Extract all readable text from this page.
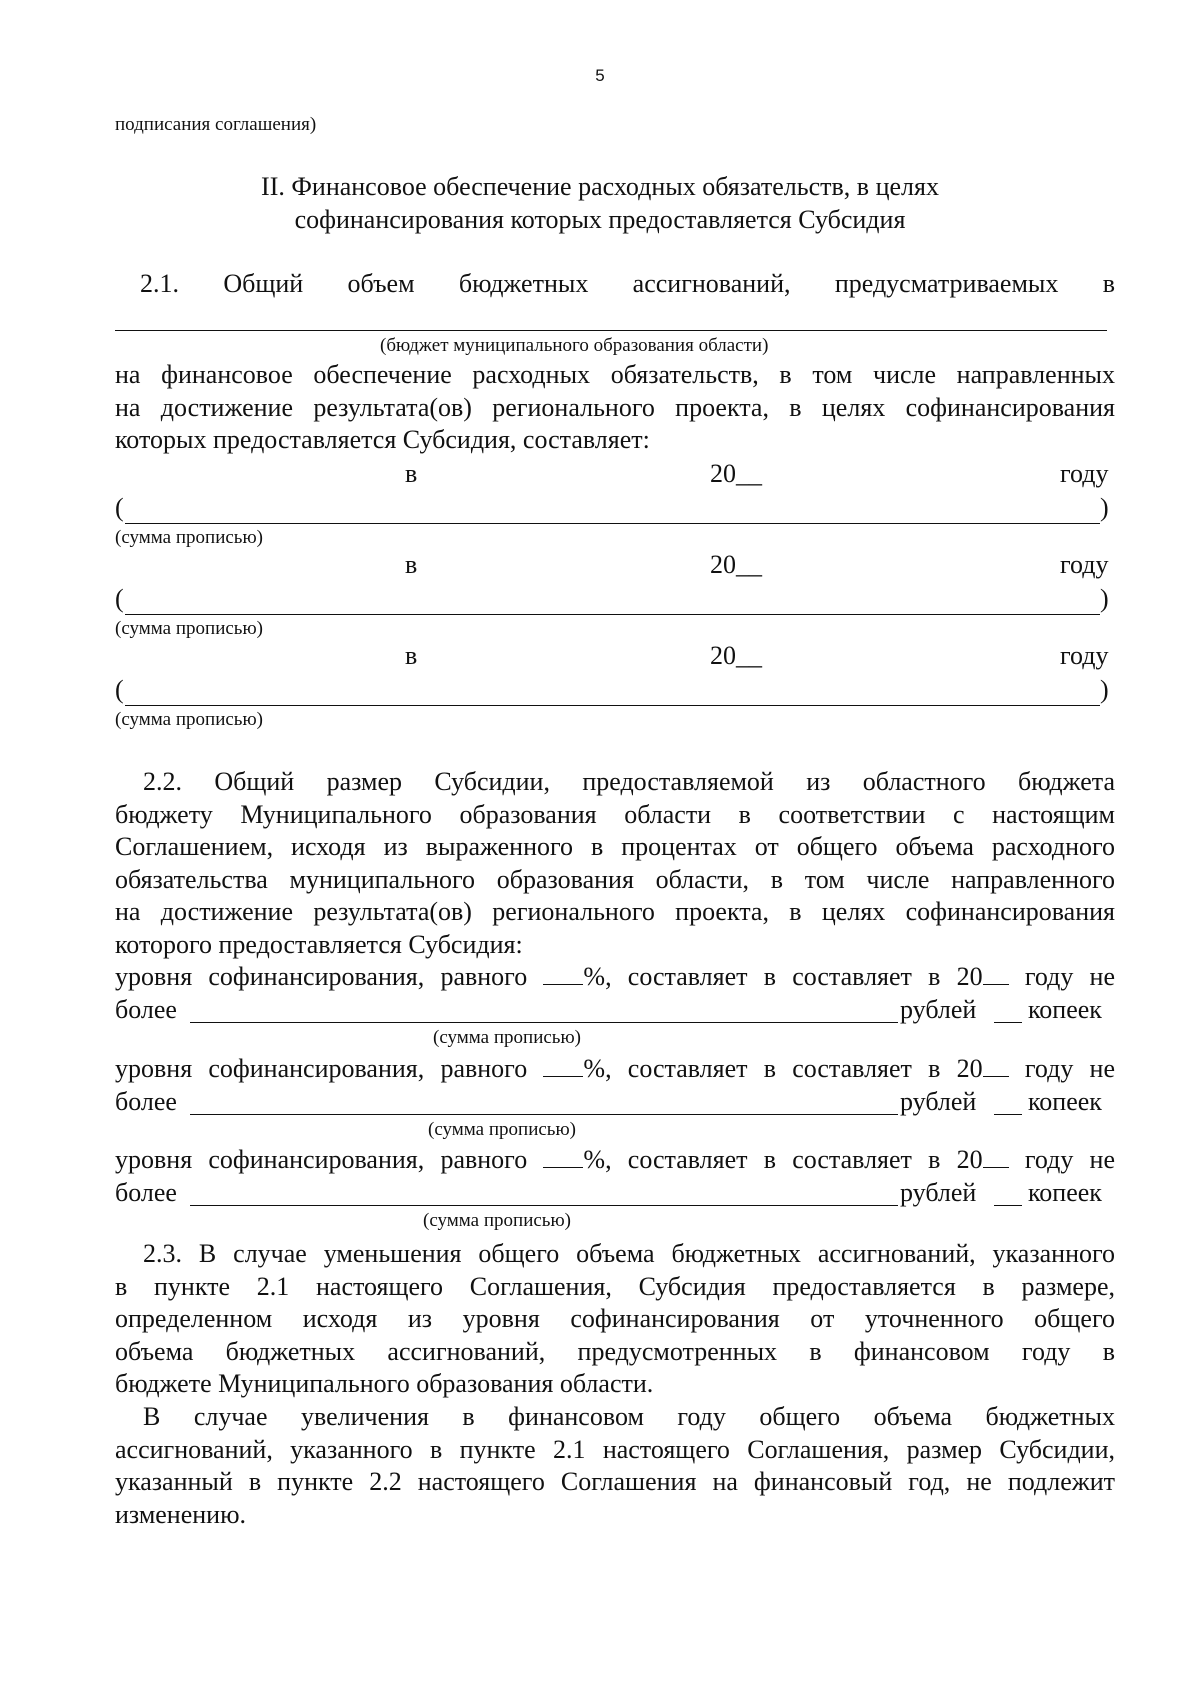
5
подписания соглашения)
II. Финансовое обеспечение расходных обязательств, в целях
софинансирования которых предоставляется Субсидия
2.1. Общий объем бюджетных ассигнований, предусматриваемых в
(бюджет муниципального образования области)
на финансовое обеспечение расходных обязательств, в том числе направленных
на достижение результата(ов) регионального проекта, в целях софинансирования
которых предоставляется Субсидия, составляет:
в	20__	году
(	)
(сумма прописью)
в	20__	году
(	)
(сумма прописью)
в	20__	году
(	)
(сумма прописью)
2.2. Общий размер Субсидии, предоставляемой из областного бюджета
бюджету Муниципального образования области в соответствии с настоящим
Соглашением, исходя из выраженного в процентах от общего объема расходного
обязательства муниципального образования области, в том числе направленного
на достижение результата(ов) регионального проекта, в целях софинансирования
которого предоставляется Субсидия:
уровня софинансирования, равного %, составляет в составляет в 20 году не
более	рублей копеек
(сумма прописью)
уровня софинансирования, равного %, составляет в составляет в 20 году не
более	рублей копеек
(сумма прописью)
уровня софинансирования, равного %, составляет в составляет в 20 году не
более	рублей копеек
(сумма прописью)
2.3. В случае уменьшения общего объема бюджетных ассигнований, указанного
в пункте 2.1 настоящего Соглашения, Субсидия предоставляется в размере,
определенном исходя из уровня софинансирования от уточненного общего
объема бюджетных ассигнований, предусмотренных в финансовом году в
бюджете Муниципального образования области.
В случае увеличения в финансовом году общего объема бюджетных
ассигнований, указанного в пункте 2.1 настоящего Соглашения, размер Субсидии,
указанный в пункте 2.2 настоящего Соглашения на финансовый год, не подлежит
изменению.
